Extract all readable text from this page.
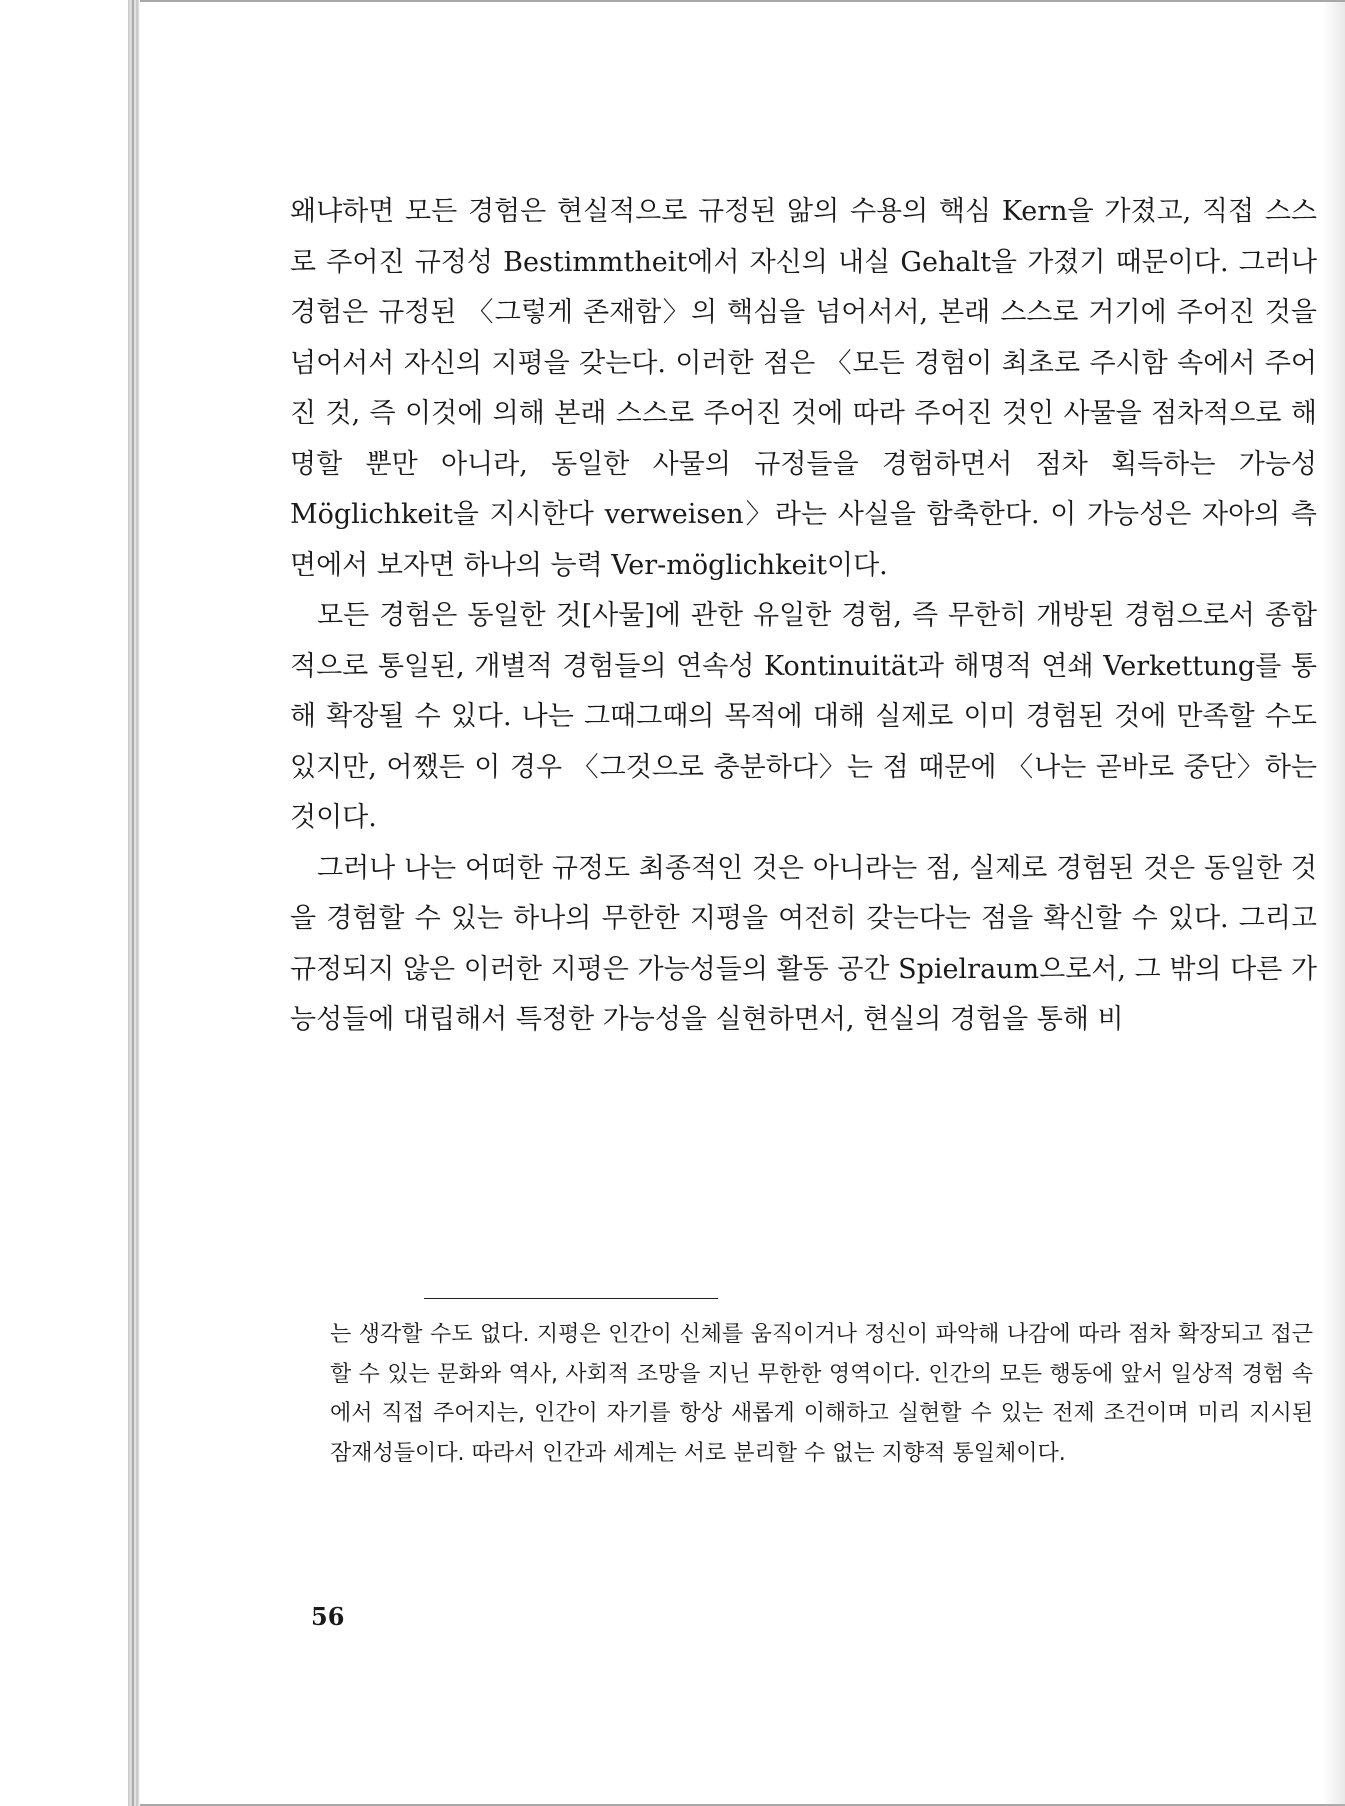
왜냐하면 모든 경험은 현실적으로 규정된 앎의 수용의 핵심 Kern을 가졌고, 직접 스스로 주어진 규정성 Bestimmtheit에서 자신의 내실 Gehalt을 가졌기 때문이다. 그러나 경험은 규정된 〈그렇게 존재함〉의 핵심을 넘어서서, 본래 스스로 거기에 주어진 것을 넘어서서 자신의 지평을 갖는다. 이러한 점은 〈모든 경험이 최초로 주시함 속에서 주어진 것, 즉 이것에 의해 본래 스스로 주어진 것에 따라 주어진 것인 사물을 점차적으로 해명할 뿐만 아니라, 동일한 사물의 규정들을 경험하면서 점차 획득하는 가능성 Möglichkeit을 지시한다 verweisen〉라는 사실을 함축한다. 이 가능성은 자아의 측면에서 보자면 하나의 능력 Ver-möglichkeit이다.

모든 경험은 동일한 것[사물]에 관한 유일한 경험, 즉 무한히 개방된 경험으로서 종합적으로 통일된, 개별적 경험들의 연속성 Kontinuität과 해명적 연쇄 Verkettung를 통해 확장될 수 있다. 나는 그때그때의 목적에 대해 실제로 이미 경험된 것에 만족할 수도 있지만, 어쨌든 이 경우 〈그것으로 충분하다〉는 점 때문에 〈나는 곧바로 중단〉하는 것이다.

그러나 나는 어떠한 규정도 최종적인 것은 아니라는 점, 실제로 경험된 것은 동일한 것을 경험할 수 있는 하나의 무한한 지평을 여전히 갖는다는 점을 확신할 수 있다. 그리고 규정되지 않은 이러한 지평은 가능성들의 활동 공간 Spielraum으로서, 그 밖의 다른 가능성들에 대립해서 특정한 가능성을 실현하면서, 현실의 경험을 통해 비

는 생각할 수도 없다. 지평은 인간이 신체를 움직이거나 정신이 파악해 나감에 따라 점차 확장되고 접근할 수 있는 문화와 역사, 사회적 조망을 지닌 무한한 영역이다. 인간의 모든 행동에 앞서 일상적 경험 속에서 직접 주어지는, 인간이 자기를 항상 새롭게 이해하고 실현할 수 있는 전제 조건이며 미리 지시된 잠재성들이다. 따라서 인간과 세계는 서로 분리할 수 없는 지향적 통일체이다.

56
